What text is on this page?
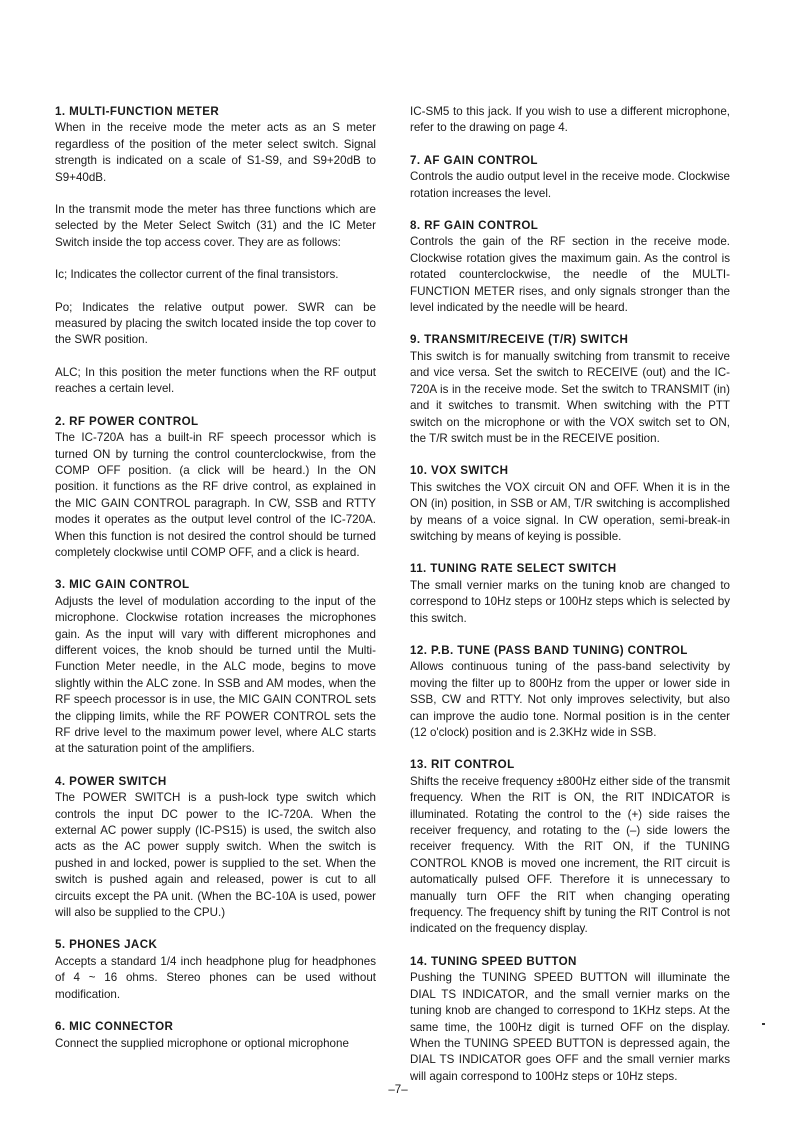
1. MULTI-FUNCTION METER
When in the receive mode the meter acts as an S meter regardless of the position of the meter select switch. Signal strength is indicated on a scale of S1-S9, and S9+20dB to S9+40dB.
In the transmit mode the meter has three functions which are selected by the Meter Select Switch (31) and the IC Meter Switch inside the top access cover. They are as follows:
Ic; Indicates the collector current of the final transistors.
Po; Indicates the relative output power. SWR can be measured by placing the switch located inside the top cover to the SWR position.
ALC; In this position the meter functions when the RF output reaches a certain level.
2. RF POWER CONTROL
The IC-720A has a built-in RF speech processor which is turned ON by turning the control counterclockwise, from the COMP OFF position. (a click will be heard.) In the ON position. it functions as the RF drive control, as explained in the MIC GAIN CONTROL paragraph. In CW, SSB and RTTY modes it operates as the output level control of the IC-720A. When this function is not desired the control should be turned completely clockwise until COMP OFF, and a click is heard.
3. MIC GAIN CONTROL
Adjusts the level of modulation according to the input of the microphone. Clockwise rotation increases the microphones gain. As the input will vary with different microphones and different voices, the knob should be turned until the Multi-Function Meter needle, in the ALC mode, begins to move slightly within the ALC zone. In SSB and AM modes, when the RF speech processor is in use, the MIC GAIN CONTROL sets the clipping limits, while the RF POWER CONTROL sets the RF drive level to the maximum power level, where ALC starts at the saturation point of the amplifiers.
4. POWER SWITCH
The POWER SWITCH is a push-lock type switch which controls the input DC power to the IC-720A. When the external AC power supply (IC-PS15) is used, the switch also acts as the AC power supply switch. When the switch is pushed in and locked, power is supplied to the set. When the switch is pushed again and released, power is cut to all circuits except the PA unit. (When the BC-10A is used, power will also be supplied to the CPU.)
5. PHONES JACK
Accepts a standard 1/4 inch headphone plug for headphones of 4 ~ 16 ohms. Stereo phones can be used without modification.
6. MIC CONNECTOR
Connect the supplied microphone or optional microphone
IC-SM5 to this jack. If you wish to use a different microphone, refer to the drawing on page 4.
7. AF GAIN CONTROL
Controls the audio output level in the receive mode. Clockwise rotation increases the level.
8. RF GAIN CONTROL
Controls the gain of the RF section in the receive mode. Clockwise rotation gives the maximum gain. As the control is rotated counterclockwise, the needle of the MULTI-FUNCTION METER rises, and only signals stronger than the level indicated by the needle will be heard.
9. TRANSMIT/RECEIVE (T/R) SWITCH
This switch is for manually switching from transmit to receive and vice versa. Set the switch to RECEIVE (out) and the IC-720A is in the receive mode. Set the switch to TRANSMIT (in) and it switches to transmit. When switching with the PTT switch on the microphone or with the VOX switch set to ON, the T/R switch must be in the RECEIVE position.
10. VOX SWITCH
This switches the VOX circuit ON and OFF. When it is in the ON (in) position, in SSB or AM, T/R switching is accomplished by means of a voice signal. In CW operation, semi-break-in switching by means of keying is possible.
11. TUNING RATE SELECT SWITCH
The small vernier marks on the tuning knob are changed to correspond to 10Hz steps or 100Hz steps which is selected by this switch.
12. P.B. TUNE (PASS BAND TUNING) CONTROL
Allows continuous tuning of the pass-band selectivity by moving the filter up to 800Hz from the upper or lower side in SSB, CW and RTTY. Not only improves selectivity, but also can improve the audio tone. Normal position is in the center (12 o'clock) position and is 2.3KHz wide in SSB.
13. RIT CONTROL
Shifts the receive frequency ±800Hz either side of the transmit frequency. When the RIT is ON, the RIT INDICATOR is illuminated. Rotating the control to the (+) side raises the receiver frequency, and rotating to the (–) side lowers the receiver frequency. With the RIT ON, if the TUNING CONTROL KNOB is moved one increment, the RIT circuit is automatically pulsed OFF. Therefore it is unnecessary to manually turn OFF the RIT when changing operating frequency. The frequency shift by tuning the RIT Control is not indicated on the frequency display.
14. TUNING SPEED BUTTON
Pushing the TUNING SPEED BUTTON will illuminate the DIAL TS INDICATOR, and the small vernier marks on the tuning knob are changed to correspond to 1KHz steps. At the same time, the 100Hz digit is turned OFF on the display. When the TUNING SPEED BUTTON is depressed again, the DIAL TS INDICATOR goes OFF and the small vernier marks will again correspond to 100Hz steps or 10Hz steps.
–7–
